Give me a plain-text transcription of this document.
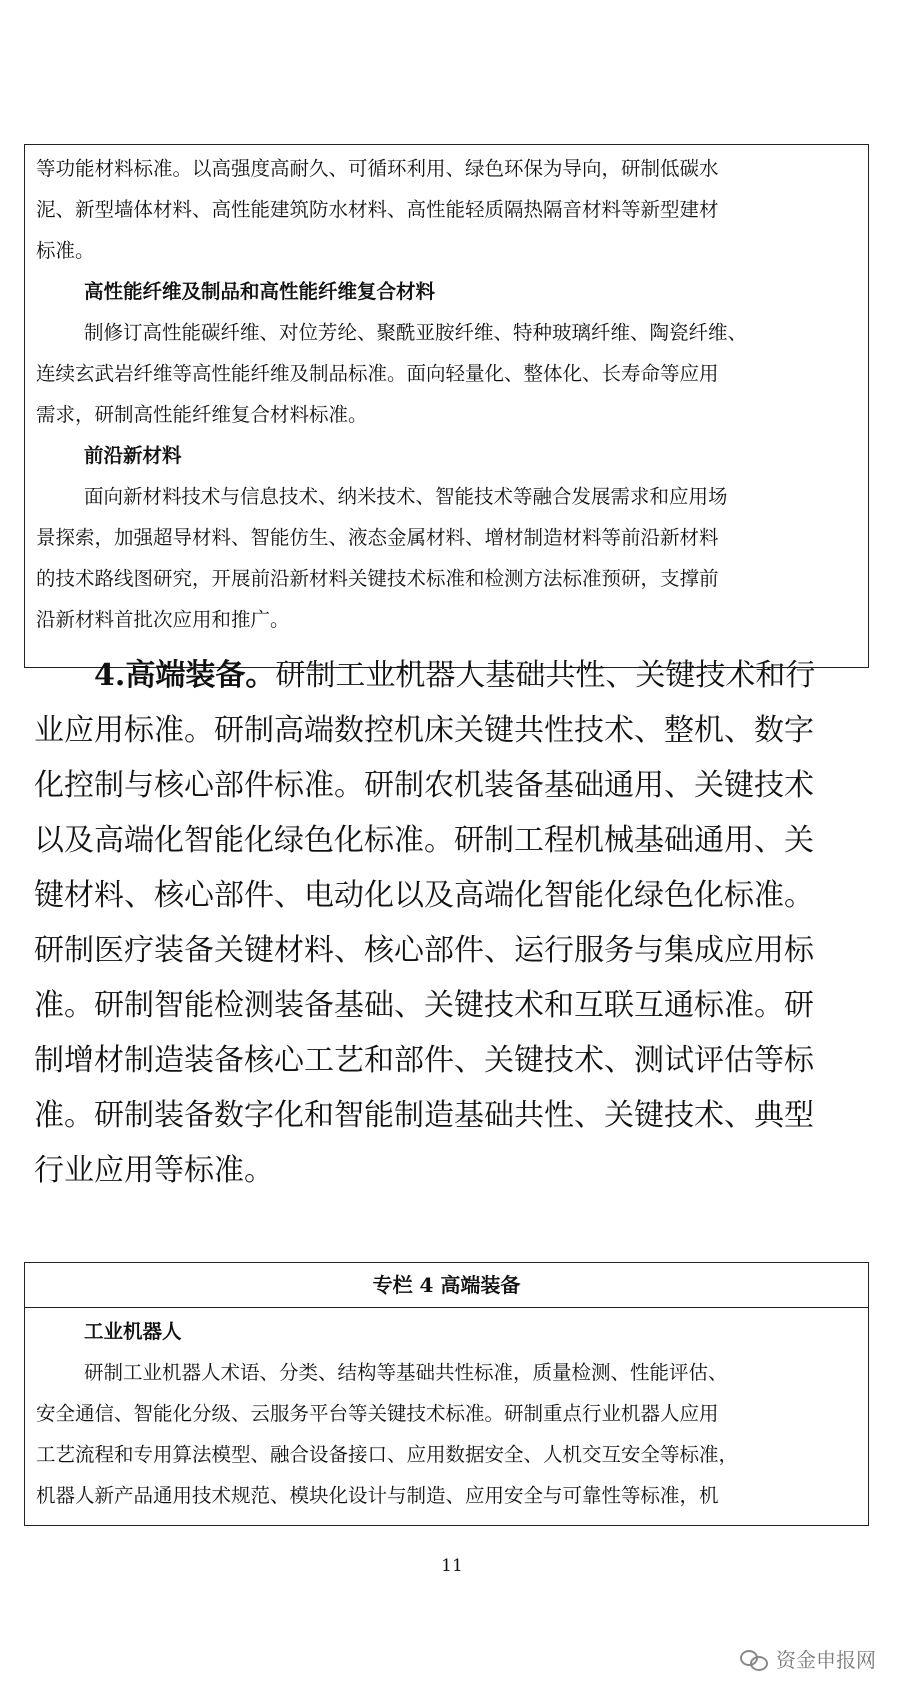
等功能材料标准。以高强度高耐久、可循环利用、绿色环保为导向，研制低碳水
泥、新型墙体材料、高性能建筑防水材料、高性能轻质隔热隔音材料等新型建材
标准。
高性能纤维及制品和高性能纤维复合材料
制修订高性能碳纤维、对位芳纶、聚酰亚胺纤维、特种玻璃纤维、陶瓷纤维、
连续玄武岩纤维等高性能纤维及制品标准。面向轻量化、整体化、长寿命等应用
需求，研制高性能纤维复合材料标准。
前沿新材料
面向新材料技术与信息技术、纳米技术、智能技术等融合发展需求和应用场
景探索，加强超导材料、智能仿生、液态金属材料、增材制造材料等前沿新材料
的技术路线图研究，开展前沿新材料关键技术标准和检测方法标准预研，支撑前
沿新材料首批次应用和推广。
4.高端装备。研制工业机器人基础共性、关键技术和行
业应用标准。研制高端数控机床关键共性技术、整机、数字
化控制与核心部件标准。研制农机装备基础通用、关键技术
以及高端化智能化绿色化标准。研制工程机械基础通用、关
键材料、核心部件、电动化以及高端化智能化绿色化标准。
研制医疗装备关键材料、核心部件、运行服务与集成应用标
准。研制智能检测装备基础、关键技术和互联互通标准。研
制增材制造装备核心工艺和部件、关键技术、测试评估等标
准。研制装备数字化和智能制造基础共性、关键技术、典型
行业应用等标准。
专栏 4 高端装备
工业机器人
研制工业机器人术语、分类、结构等基础共性标准，质量检测、性能评估、
安全通信、智能化分级、云服务平台等关键技术标准。研制重点行业机器人应用
工艺流程和专用算法模型、融合设备接口、应用数据安全、人机交互安全等标准，
机器人新产品通用技术规范、模块化设计与制造、应用安全与可靠性等标准，机
11
资金申报网
